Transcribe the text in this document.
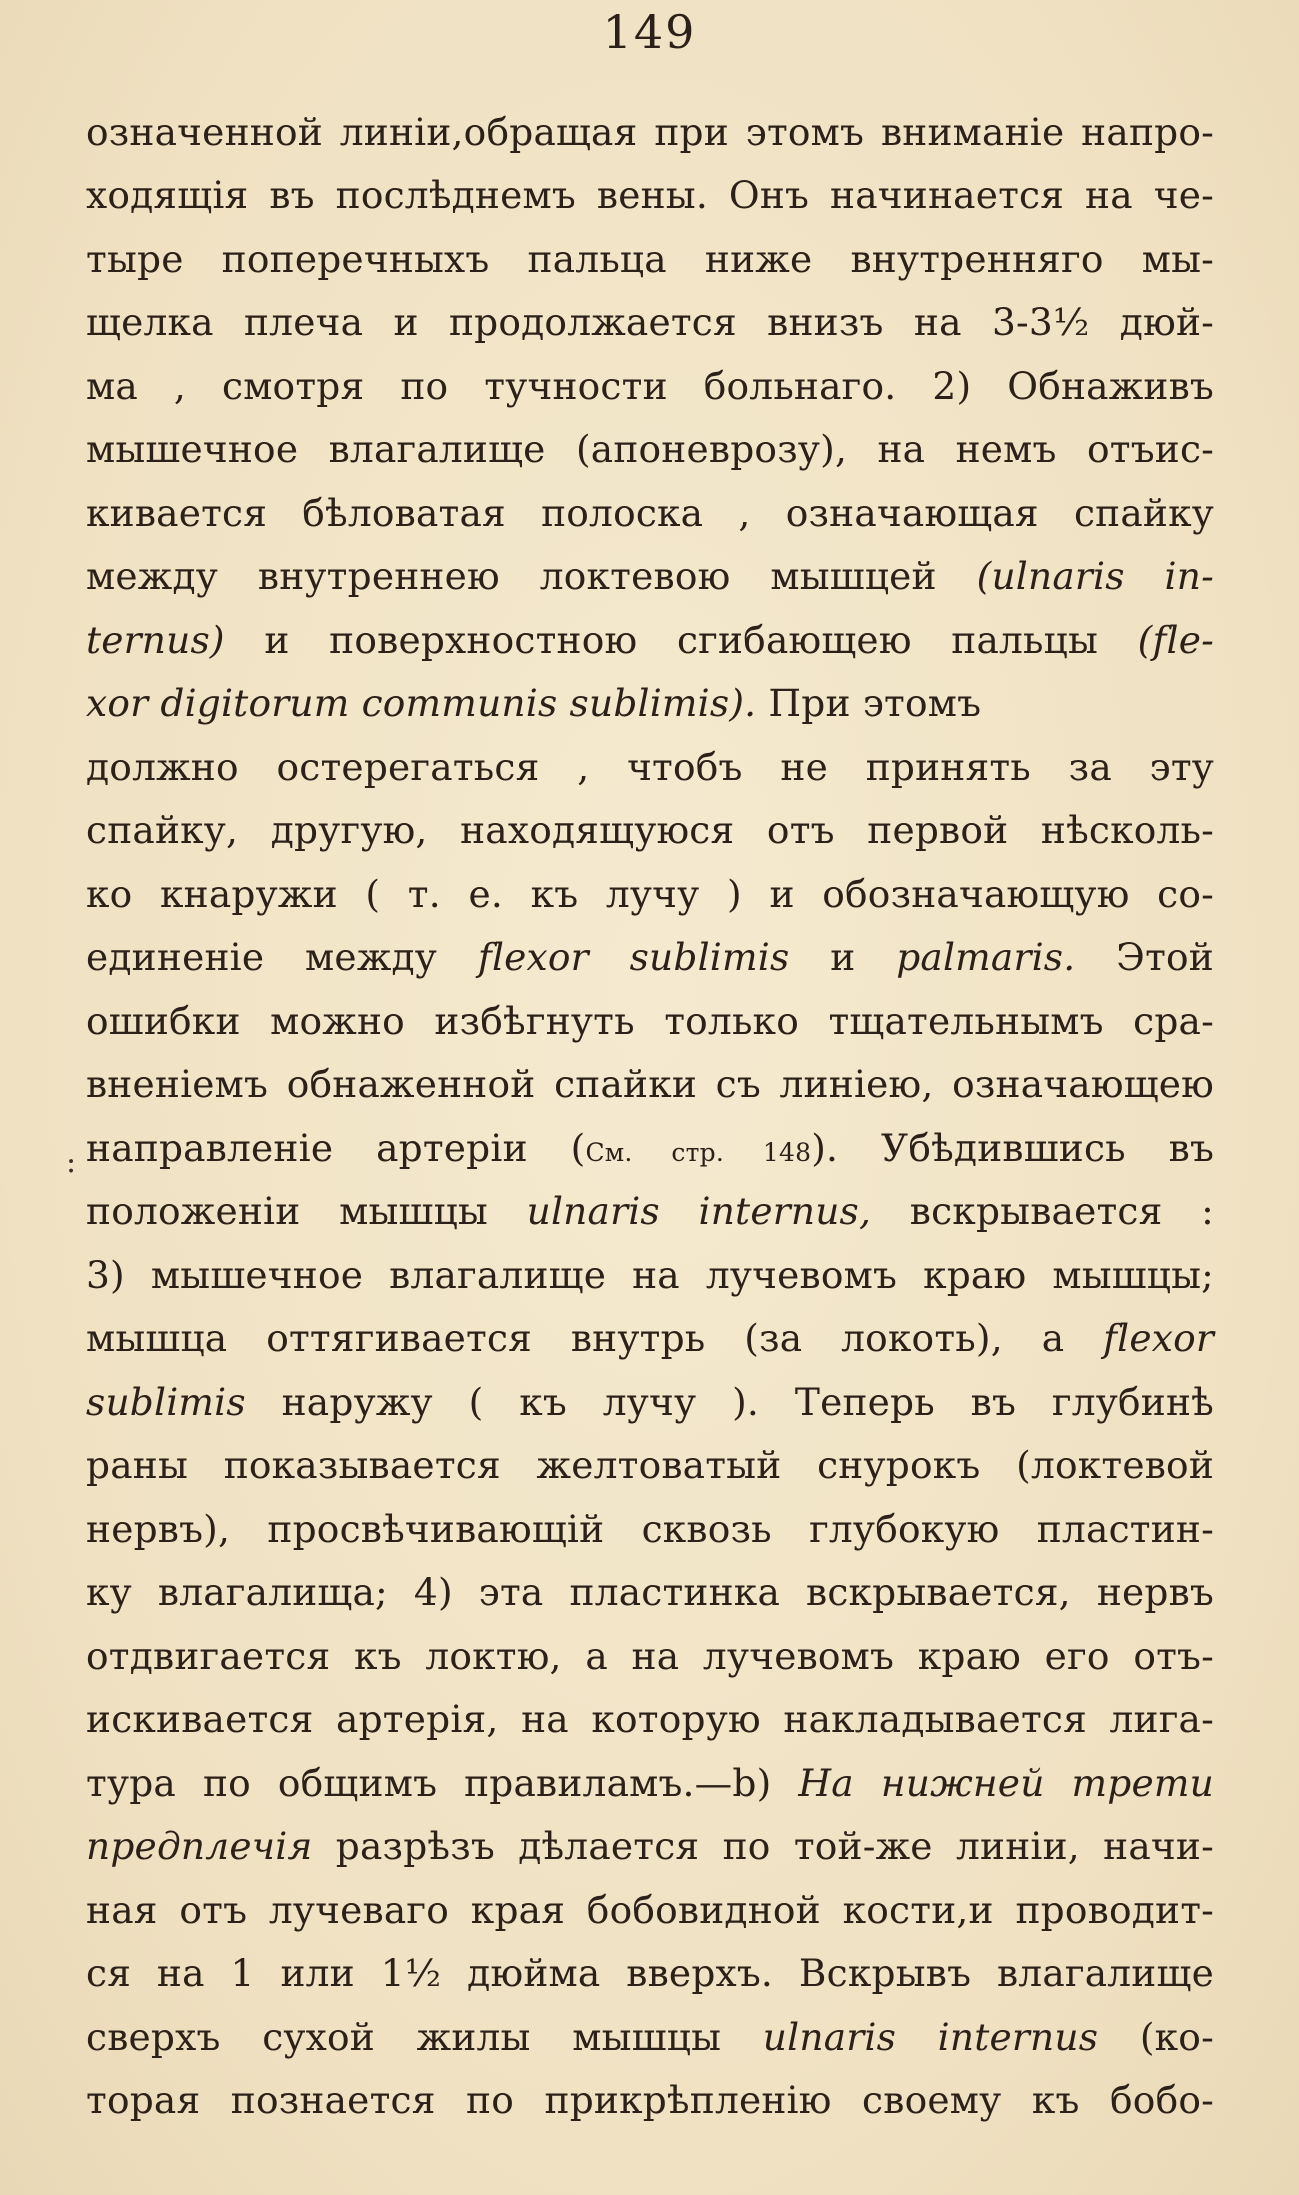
149
:
означенной линіи,обращая при этомъ вниманіе напро-
ходящія въ послѣднемъ вены. Онъ начинается на че-
тыре поперечныхъ пальца ниже внутренняго мы-
щелка плеча и продолжается внизъ на 3-3½ дюй-
ма , смотря по тучности больнаго. 2) Обнаживъ
мышечное влагалище (апоневрозу), на немъ отъис-
кивается бѣловатая полоска , означающая спайку
между внутреннею локтевою мышцей (ulnaris in-
ternus) и поверхностною сгибающею пальцы (fle-
xor digitorum communis sublimis). При этомъ
должно остерегаться , чтобъ не принять за эту
спайку, другую, находящуюся отъ первой нѣсколь-
ко кнаружи ( т. е. къ лучу ) и обозначающую со-
единеніе между flexor sublimis и palmaris. Этой
ошибки можно избѣгнуть только тщательнымъ сра-
вненіемъ обнаженной спайки съ линіею, означающею
направленіе артеріи (См. стр. 148). Убѣдившись въ
положеніи мышцы ulnaris internus, вскрывается :
3) мышечное влагалище на лучевомъ краю мышцы;
мышца оттягивается внутрь (за локоть), а flexor
sublimis наружу ( къ лучу ). Теперь въ глубинѣ
раны показывается желтоватый снурокъ (локтевой
нервъ), просвѣчивающій сквозь глубокую пластин-
ку влагалища; 4) эта пластинка вскрывается, нервъ
отдвигается къ локтю, а на лучевомъ краю его отъ-
искивается артерія, на которую накладывается лига-
тура по общимъ правиламъ.—b) На нижней трети
предплечія разрѣзъ дѣлается по той-же линіи, начи-
ная отъ лучеваго края бобовидной кости,и проводит-
ся на 1 или 1½ дюйма вверхъ. Вскрывъ влагалище
сверхъ сухой жилы мышцы ulnaris internus (ко-
торая познается по прикрѣпленію своему къ бобо-
